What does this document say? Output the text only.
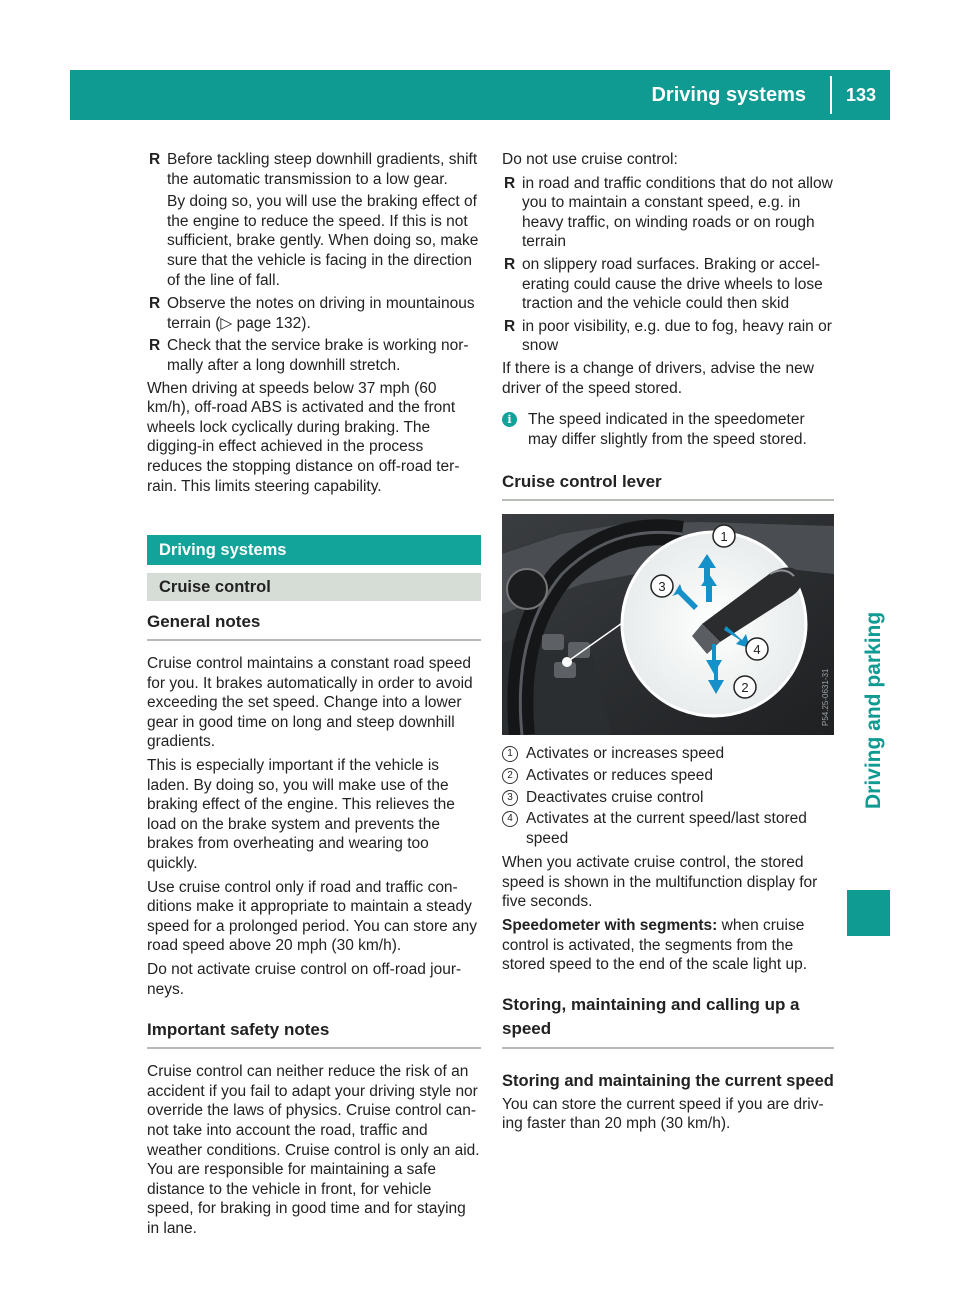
Driving systems	133
Driving and parking
R Before tackling steep downhill gradients, shift the automatic transmission to a low gear.

By doing so, you will use the braking effect of the engine to reduce the speed. If this is not sufficient, brake gently. When doing so, make sure that the vehicle is facing in the direction of the line of fall.

R Observe the notes on driving in mountainous terrain (▷ page 132).
R Check that the service brake is working nor- mally after a long downhill stretch.

When driving at speeds below 37 mph (60 km/h), off-road ABS is activated and the front wheels lock cyclically during braking. The digging-in effect achieved in the process reduces the stopping distance on off-road ter- rain. This limits steering capability.

Driving systems
Cruise control
General notes

Cruise control maintains a constant road speed for you. It brakes automatically in order to avoid exceeding the set speed. Change into a lower gear in good time on long and steep downhill gradients.

This is especially important if the vehicle is laden. By doing so, you will make use of the braking effect of the engine. This relieves the load on the brake system and prevents the brakes from overheating and wearing too quickly.

Use cruise control only if road and traffic con- ditions make it appropriate to maintain a steady speed for a prolonged period. You can store any road speed above 20 mph (30 km/h).

Do not activate cruise control on off-road jour- neys.

Important safety notes

Cruise control can neither reduce the risk of an accident if you fail to adapt your driving style nor override the laws of physics. Cruise control can- not take into account the road, traffic and weather conditions. Cruise control is only an aid. You are responsible for maintaining a safe distance to the vehicle in front, for vehicle speed, for braking in good time and for staying in lane.

Do not use cruise control:

R in road and traffic conditions that do not allow you to maintain a constant speed, e.g. in heavy traffic, on winding roads or on rough terrain
R on slippery road surfaces. Braking or accel- erating could cause the drive wheels to lose traction and the vehicle could then skid
R in poor visibility, e.g. due to fog, heavy rain or snow

If there is a change of drivers, advise the new driver of the speed stored.

i	The speed indicated in the speedometer may differ slightly from the speed stored.
Cruise control lever
1
2
3
4
P54.25-0631-31
1 Activates or increases speed
2 Activates or reduces speed
3 Deactivates cruise control
4 Activates at the current speed/last stored speed

When you activate cruise control, the stored speed is shown in the multifunction display for five seconds.

Speedometer with segments: when cruise control is activated, the segments from the stored speed to the end of the scale light up.

Storing, maintaining and calling up a speed
Storing and maintaining the current speed

You can store the current speed if you are driv- ing faster than 20 mph (30 km/h).
